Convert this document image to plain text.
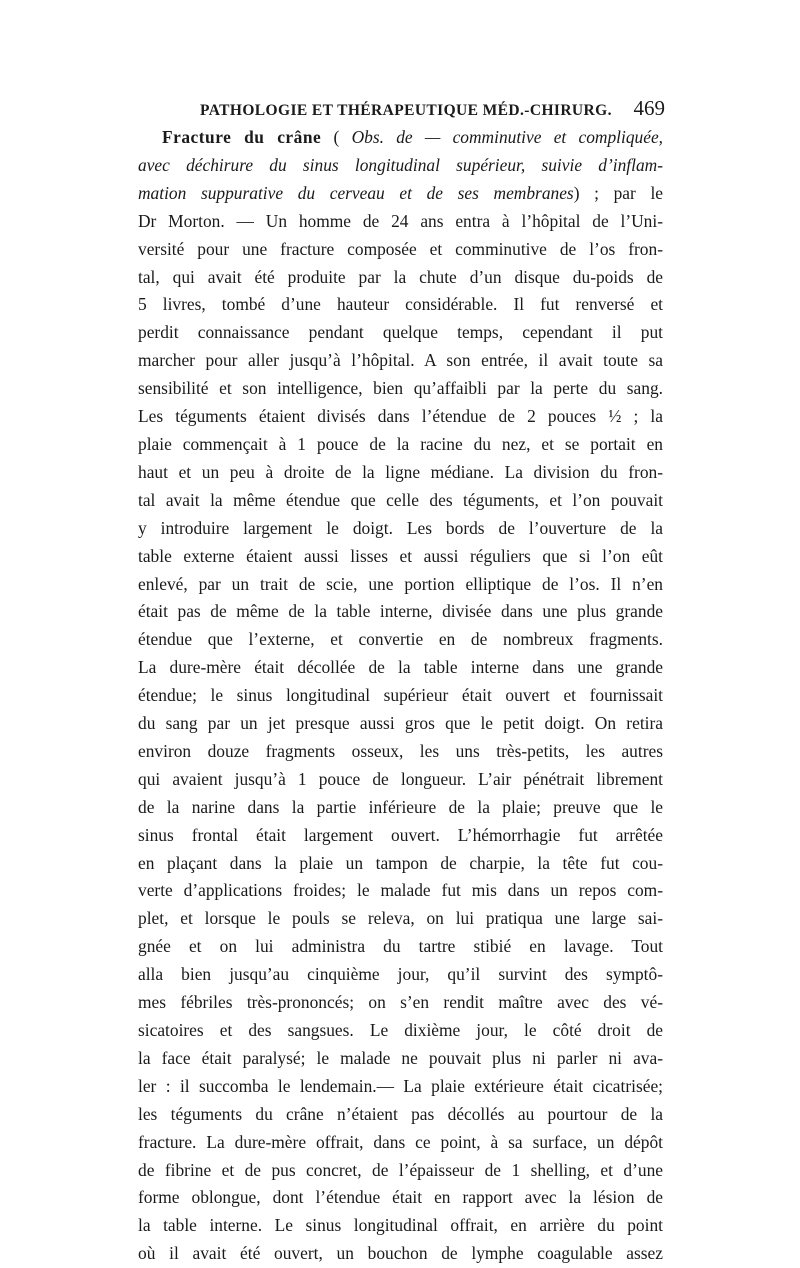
PATHOLOGIE ET THÉRAPEUTIQUE MÉD.-CHIRURG. 469
Fracture du crâne ( Obs. de — comminutive et compliquée,
avec déchirure du sinus longitudinal supérieur, suivie d’inflam-
mation suppurative du cerveau et de ses membranes) ; par le
Dr Morton. — Un homme de 24 ans entra à l’hôpital de l’Uni-
versité pour une fracture composée et comminutive de l’os fron-
tal, qui avait été produite par la chute d’un disque du-poids de
5 livres, tombé d’une hauteur considérable. Il fut renversé et
perdit connaissance pendant quelque temps, cependant il put
marcher pour aller jusqu’à l’hôpital. A son entrée, il avait toute sa
sensibilité et son intelligence, bien qu’affaibli par la perte du sang.
Les téguments étaient divisés dans l’étendue de 2 pouces ½ ; la
plaie commençait à 1 pouce de la racine du nez, et se portait en
haut et un peu à droite de la ligne médiane. La division du fron-
tal avait la même étendue que celle des téguments, et l’on pouvait
y introduire largement le doigt. Les bords de l’ouverture de la
table externe étaient aussi lisses et aussi réguliers que si l’on eût
enlevé, par un trait de scie, une portion elliptique de l’os. Il n’en
était pas de même de la table interne, divisée dans une plus grande
étendue que l’externe, et convertie en de nombreux fragments.
La dure-mère était décollée de la table interne dans une grande
étendue; le sinus longitudinal supérieur était ouvert et fournissait
du sang par un jet presque aussi gros que le petit doigt. On retira
environ douze fragments osseux, les uns très-petits, les autres
qui avaient jusqu’à 1 pouce de longueur. L’air pénétrait librement
de la narine dans la partie inférieure de la plaie; preuve que le
sinus frontal était largement ouvert. L’hémorrhagie fut arrêtée
en plaçant dans la plaie un tampon de charpie, la tête fut cou-
verte d’applications froides; le malade fut mis dans un repos com-
plet, et lorsque le pouls se releva, on lui pratiqua une large sai-
gnée et on lui administra du tartre stibié en lavage. Tout
alla bien jusqu’au cinquième jour, qu’il survint des symptô-
mes fébriles très-prononcés; on s’en rendit maître avec des vé-
sicatoires et des sangsues. Le dixième jour, le côté droit de
la face était paralysé; le malade ne pouvait plus ni parler ni ava-
ler : il succomba le lendemain.— La plaie extérieure était cicatrisée;
les téguments du crâne n’étaient pas décollés au pourtour de la
fracture. La dure-mère offrait, dans ce point, à sa surface, un dépôt
de fibrine et de pus concret, de l’épaisseur de 1 shelling, et d’une
forme oblongue, dont l’étendue était en rapport avec la lésion de
la table interne. Le sinus longitudinal offrait, en arrière du point
où il avait été ouvert, un bouchon de lymphe coagulable assez
